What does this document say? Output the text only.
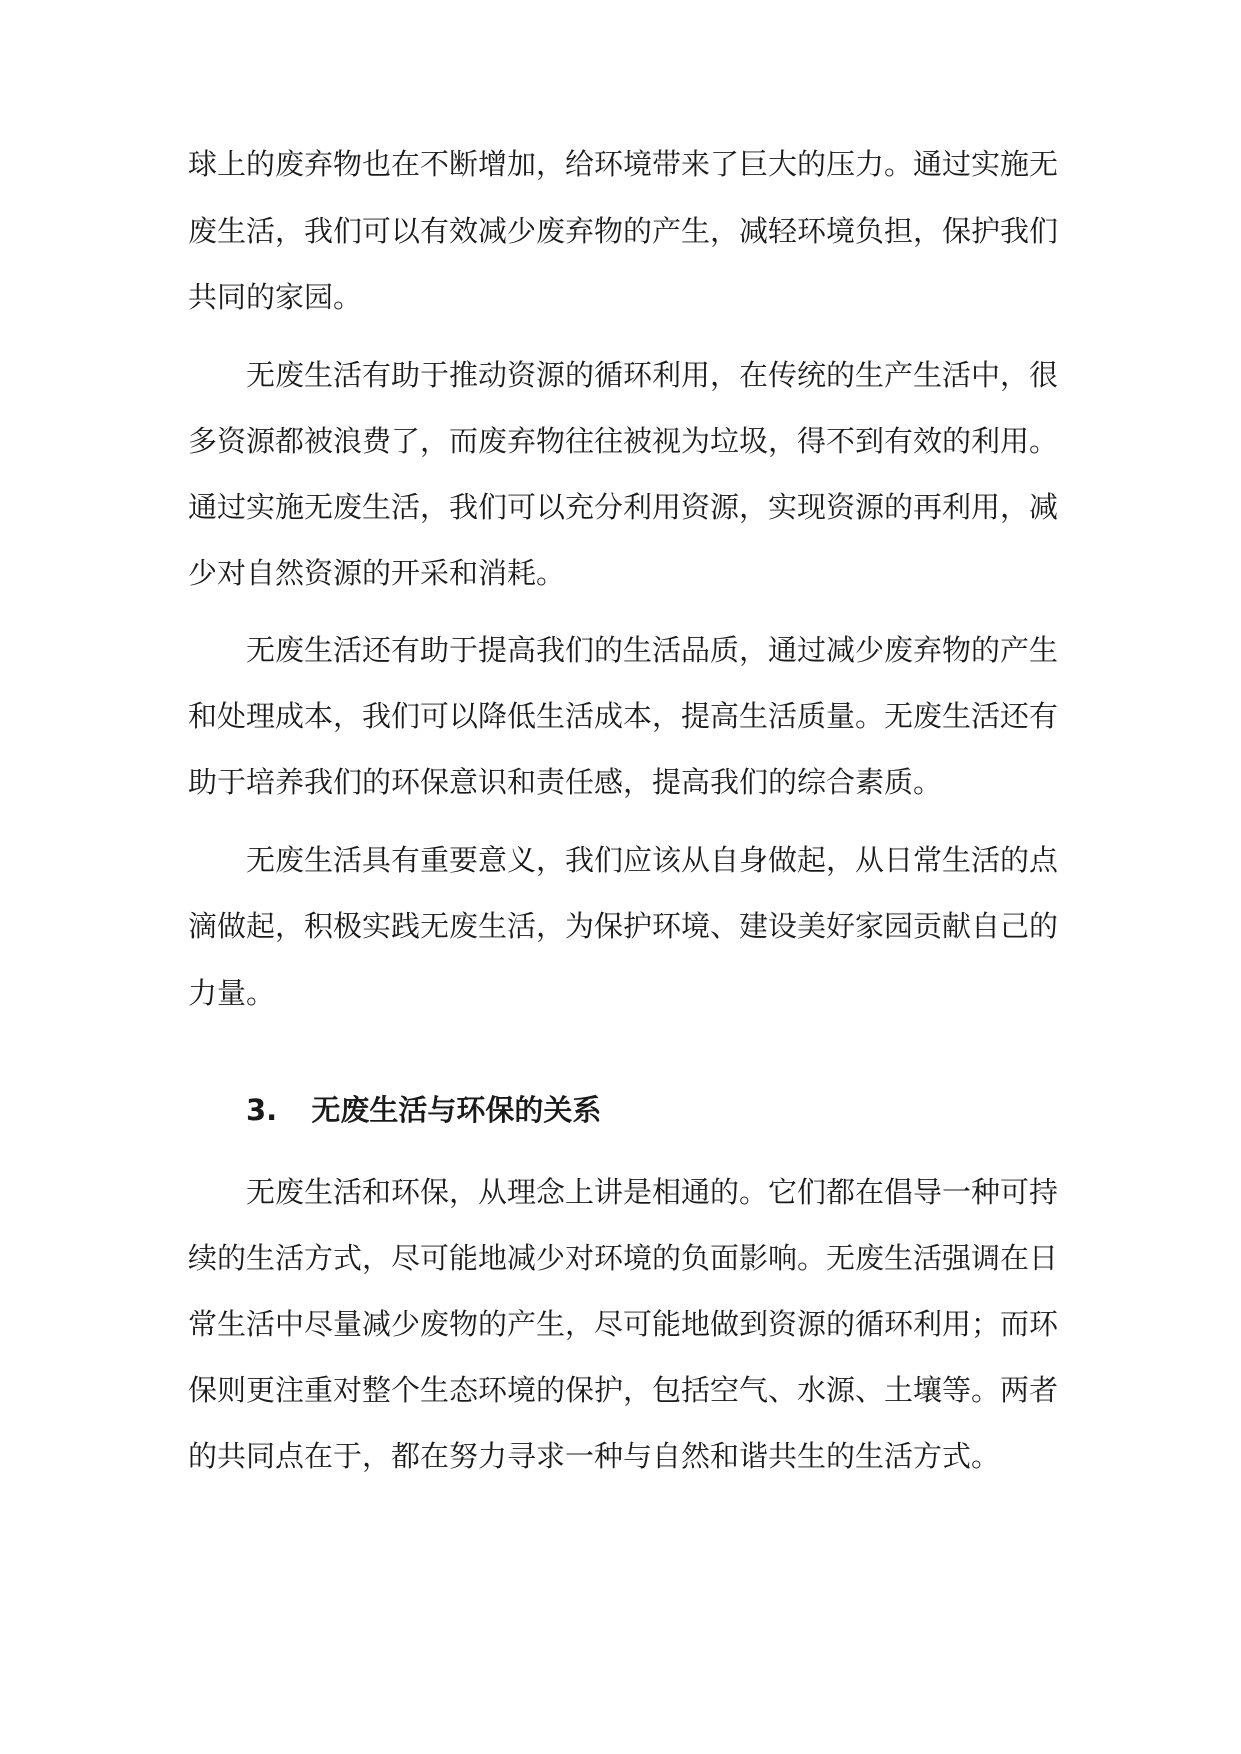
球上的废弃物也在不断增加，给环境带来了巨大的压力。通过实施无
废生活，我们可以有效减少废弃物的产生，减轻环境负担，保护我们
共同的家园。
无废生活有助于推动资源的循环利用，在传统的生产生活中，很
多资源都被浪费了，而废弃物往往被视为垃圾，得不到有效的利用。
通过实施无废生活，我们可以充分利用资源，实现资源的再利用，减
少对自然资源的开采和消耗。
无废生活还有助于提高我们的生活品质，通过减少废弃物的产生
和处理成本，我们可以降低生活成本，提高生活质量。无废生活还有
助于培养我们的环保意识和责任感，提高我们的综合素质。
无废生活具有重要意义，我们应该从自身做起，从日常生活的点
滴做起，积极实践无废生活，为保护环境、建设美好家园贡献自己的
力量。
3. 无废生活与环保的关系
无废生活和环保，从理念上讲是相通的。它们都在倡导一种可持
续的生活方式，尽可能地减少对环境的负面影响。无废生活强调在日
常生活中尽量减少废物的产生，尽可能地做到资源的循环利用；而环
保则更注重对整个生态环境的保护，包括空气、水源、土壤等。两者
的共同点在于，都在努力寻求一种与自然和谐共生的生活方式。
